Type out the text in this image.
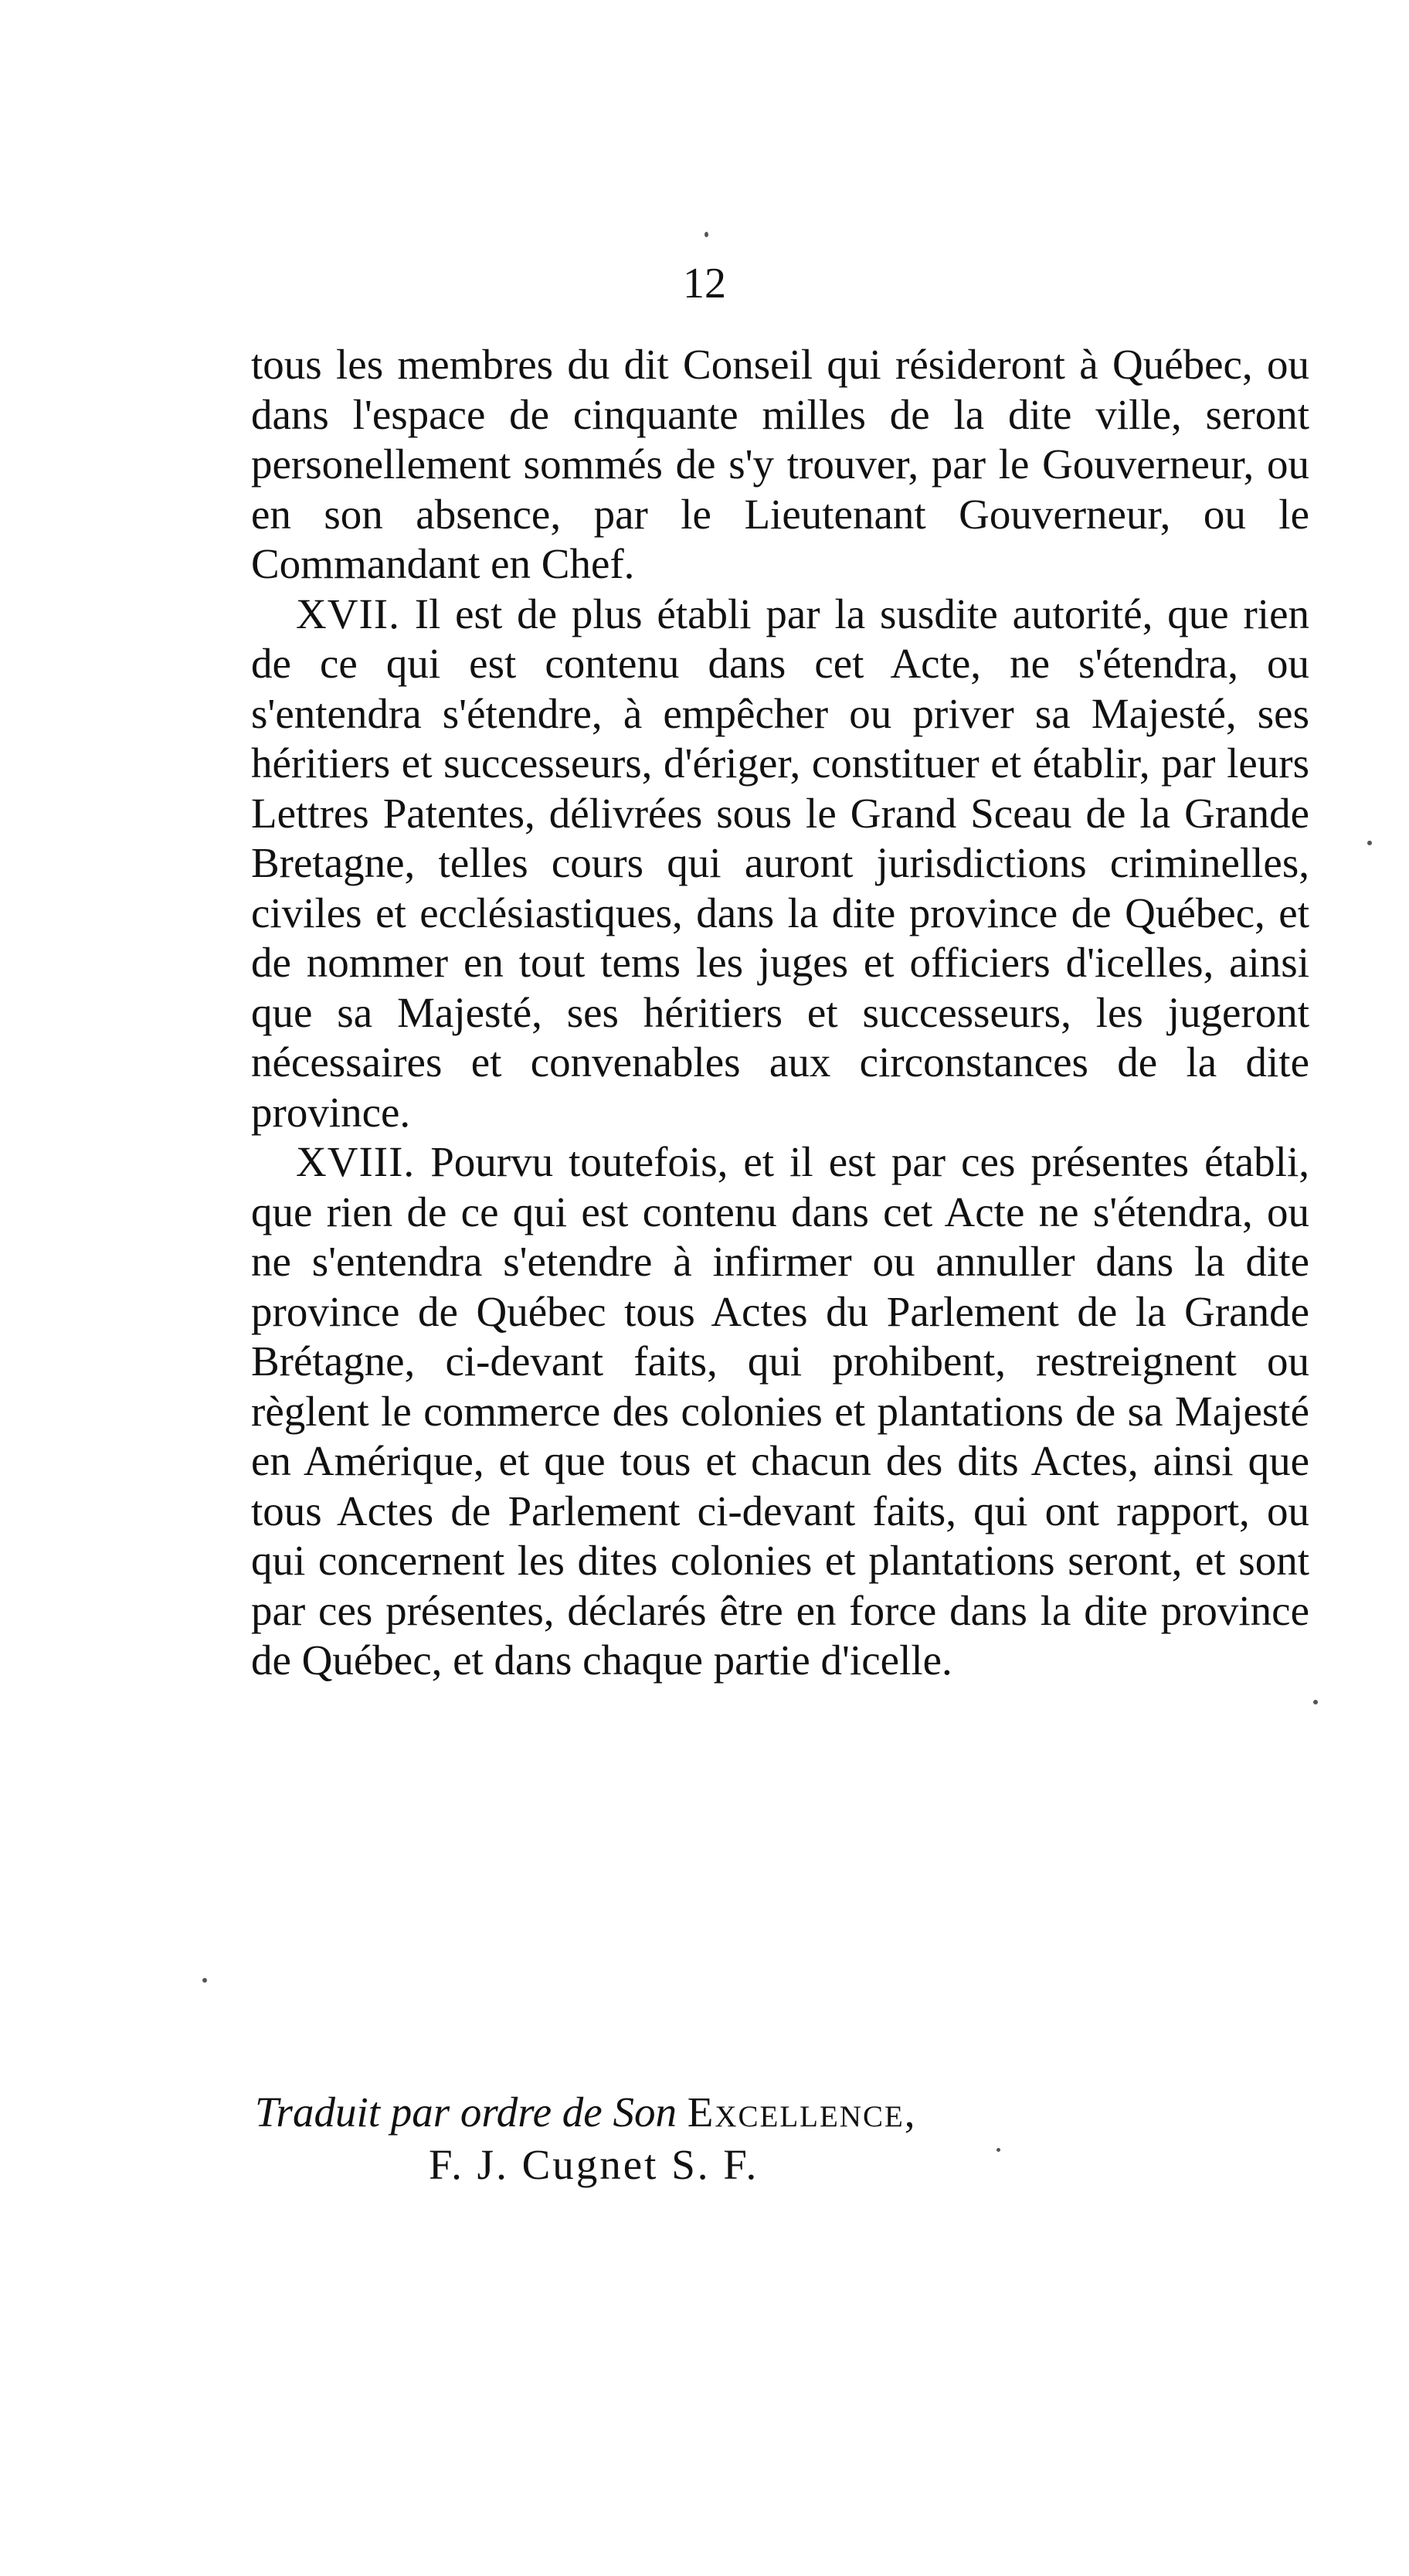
12

tous les membres du dit Conseil qui résideront à Québec, ou dans l'espace de cinquante milles de la dite ville, seront personellement sommés de s'y trouver, par le Gouverneur, ou en son absence, par le Lieutenant Gouverneur, ou le Commandant en Chef.

XVII. Il est de plus établi par la susdite autorité, que rien de ce qui est contenu dans cet Acte, ne s'étendra, ou s'entendra s'étendre, à empêcher ou priver sa Majesté, ses héritiers et successeurs, d'ériger, constituer et établir, par leurs Lettres Patentes, délivrées sous le Grand Sceau de la Grande Bretagne, telles cours qui auront jurisdictions criminelles, civiles et ecclésiastiques, dans la dite province de Québec, et de nommer en tout tems les juges et officiers d'icelles, ainsi que sa Majesté, ses héritiers et successeurs, les jugeront nécessaires et convenables aux circonstances de la dite province.

XVIII. Pourvu toutefois, et il est par ces présentes établi, que rien de ce qui est contenu dans cet Acte ne s'étendra, ou ne s'entendra s'etendre à infirmer ou annuller dans la dite province de Québec tous Actes du Parlement de la Grande Brétagne, ci-devant faits, qui prohibent, restreignent ou règlent le commerce des colonies et plantations de sa Majesté en Amérique, et que tous et chacun des dits Actes, ainsi que tous Actes de Parlement ci-devant faits, qui ont rapport, ou qui concernent les dites colonies et plantations seront, et sont par ces présentes, déclarés être en force dans la dite province de Québec, et dans chaque partie d'icelle.

Traduit par ordre de Son Excellence,

F. J. Cugnet S. F.
